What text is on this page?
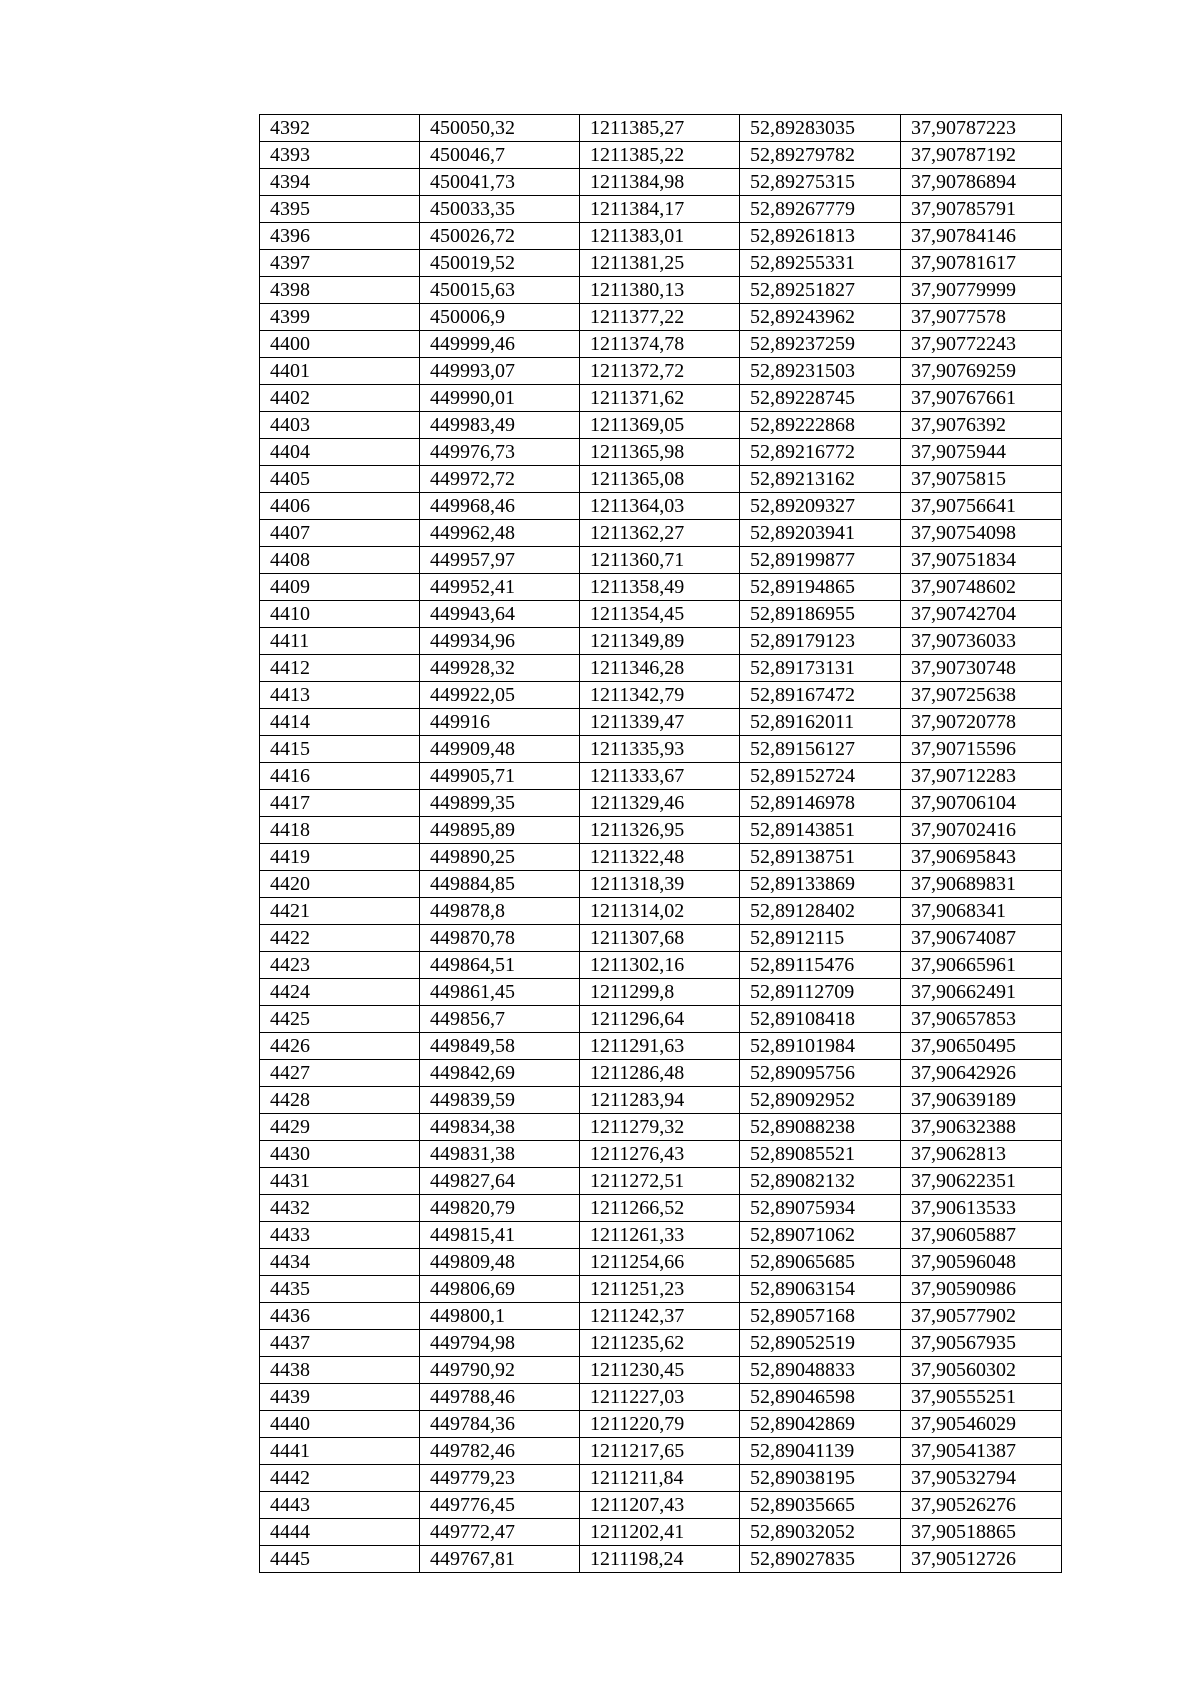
4392	450050,32	1211385,27	52,89283035	37,90787223
4393	450046,7	1211385,22	52,89279782	37,90787192
4394	450041,73	1211384,98	52,89275315	37,90786894
4395	450033,35	1211384,17	52,89267779	37,90785791
4396	450026,72	1211383,01	52,89261813	37,90784146
4397	450019,52	1211381,25	52,89255331	37,90781617
4398	450015,63	1211380,13	52,89251827	37,90779999
4399	450006,9	1211377,22	52,89243962	37,9077578
4400	449999,46	1211374,78	52,89237259	37,90772243
4401	449993,07	1211372,72	52,89231503	37,90769259
4402	449990,01	1211371,62	52,89228745	37,90767661
4403	449983,49	1211369,05	52,89222868	37,9076392
4404	449976,73	1211365,98	52,89216772	37,9075944
4405	449972,72	1211365,08	52,89213162	37,9075815
4406	449968,46	1211364,03	52,89209327	37,90756641
4407	449962,48	1211362,27	52,89203941	37,90754098
4408	449957,97	1211360,71	52,89199877	37,90751834
4409	449952,41	1211358,49	52,89194865	37,90748602
4410	449943,64	1211354,45	52,89186955	37,90742704
4411	449934,96	1211349,89	52,89179123	37,90736033
4412	449928,32	1211346,28	52,89173131	37,90730748
4413	449922,05	1211342,79	52,89167472	37,90725638
4414	449916	1211339,47	52,89162011	37,90720778
4415	449909,48	1211335,93	52,89156127	37,90715596
4416	449905,71	1211333,67	52,89152724	37,90712283
4417	449899,35	1211329,46	52,89146978	37,90706104
4418	449895,89	1211326,95	52,89143851	37,90702416
4419	449890,25	1211322,48	52,89138751	37,90695843
4420	449884,85	1211318,39	52,89133869	37,90689831
4421	449878,8	1211314,02	52,89128402	37,9068341
4422	449870,78	1211307,68	52,8912115	37,90674087
4423	449864,51	1211302,16	52,89115476	37,90665961
4424	449861,45	1211299,8	52,89112709	37,90662491
4425	449856,7	1211296,64	52,89108418	37,90657853
4426	449849,58	1211291,63	52,89101984	37,90650495
4427	449842,69	1211286,48	52,89095756	37,90642926
4428	449839,59	1211283,94	52,89092952	37,90639189
4429	449834,38	1211279,32	52,89088238	37,90632388
4430	449831,38	1211276,43	52,89085521	37,9062813
4431	449827,64	1211272,51	52,89082132	37,90622351
4432	449820,79	1211266,52	52,89075934	37,90613533
4433	449815,41	1211261,33	52,89071062	37,90605887
4434	449809,48	1211254,66	52,89065685	37,90596048
4435	449806,69	1211251,23	52,89063154	37,90590986
4436	449800,1	1211242,37	52,89057168	37,90577902
4437	449794,98	1211235,62	52,89052519	37,90567935
4438	449790,92	1211230,45	52,89048833	37,90560302
4439	449788,46	1211227,03	52,89046598	37,90555251
4440	449784,36	1211220,79	52,89042869	37,90546029
4441	449782,46	1211217,65	52,89041139	37,90541387
4442	449779,23	1211211,84	52,89038195	37,90532794
4443	449776,45	1211207,43	52,89035665	37,90526276
4444	449772,47	1211202,41	52,89032052	37,90518865
4445	449767,81	1211198,24	52,89027835	37,90512726
